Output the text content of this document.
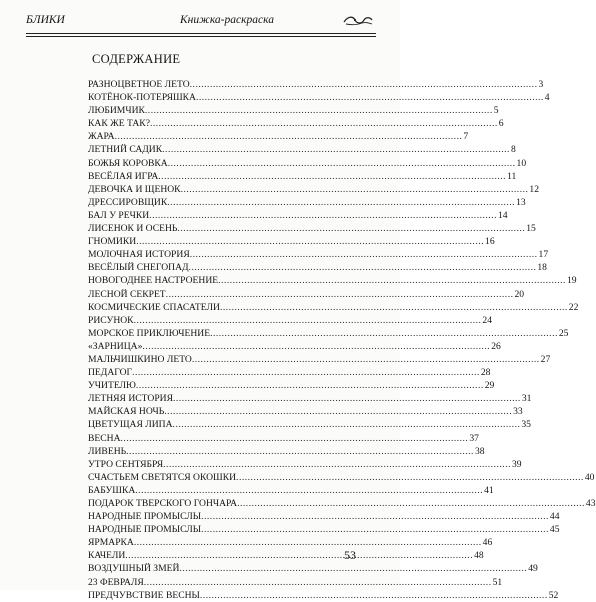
БЛИКИ	Книжка-раскраска
СОДЕРЖАНИЕ
РАЗНОЦВЕТНОЕ ЛЕТО .....	3
КОТЁНОК-ПОТЕРЯШКА .....	4
ЛЮБИМЧИК .....	5
КАК ЖЕ ТАК? .....	6
ЖАРА .....	7
ЛЕТНИЙ САДИК .....	8
БОЖЬЯ КОРОВКА .....	10
ВЕСЁЛАЯ ИГРА .....	11
ДЕВОЧКА И ЩЕНОК .....	12
ДРЕССИРОВЩИК .....	13
БАЛ У РЕЧКИ .....	14
ЛИСЕНОК И ОСЕНЬ .....	15
ГНОМИКИ .....	16
МОЛОЧНАЯ ИСТОРИЯ .....	17
ВЕСЁЛЫЙ СНЕГОПАД .....	18
НОВОГОДНЕЕ НАСТРОЕНИЕ .....	19
ЛЕСНОЙ СЕКРЕТ .....	20
КОСМИЧЕСКИЕ СПАСАТЕЛИ .....	22
РИСУНОК .....	24
МОРСКОЕ ПРИКЛЮЧЕНИЕ .....	25
«ЗАРНИЦА» .....	26
МАЛЬЧИШКИНО ЛЕТО .....	27
ПЕДАГОГ .....	28
УЧИТЕЛЮ .....	29
ЛЕТНЯЯ ИСТОРИЯ .....	31
МАЙСКАЯ НОЧЬ .....	33
ЦВЕТУЩАЯ ЛИПА .....	35
ВЕСНА .....	37
ЛИВЕНЬ .....	38
УТРО СЕНТЯБРЯ .....	39
СЧАСТЬЕМ СВЕТЯТСЯ ОКОШКИ .....	40
БАБУШКА .....	41
ПОДАРОК ТВЕРСКОГО ГОНЧАРА .....	43
НАРОДНЫЕ ПРОМЫСЛЫ .....	44
НАРОДНЫЕ ПРОМЫСЛЫ .....	45
ЯРМАРКА .....	46
КАЧЕЛИ .....	48
ВОЗДУШНЫЙ ЗМЕЙ .....	49
23 ФЕВРАЛЯ .....	51
ПРЕДЧУВСТВИЕ ВЕСНЫ .....	52
53
